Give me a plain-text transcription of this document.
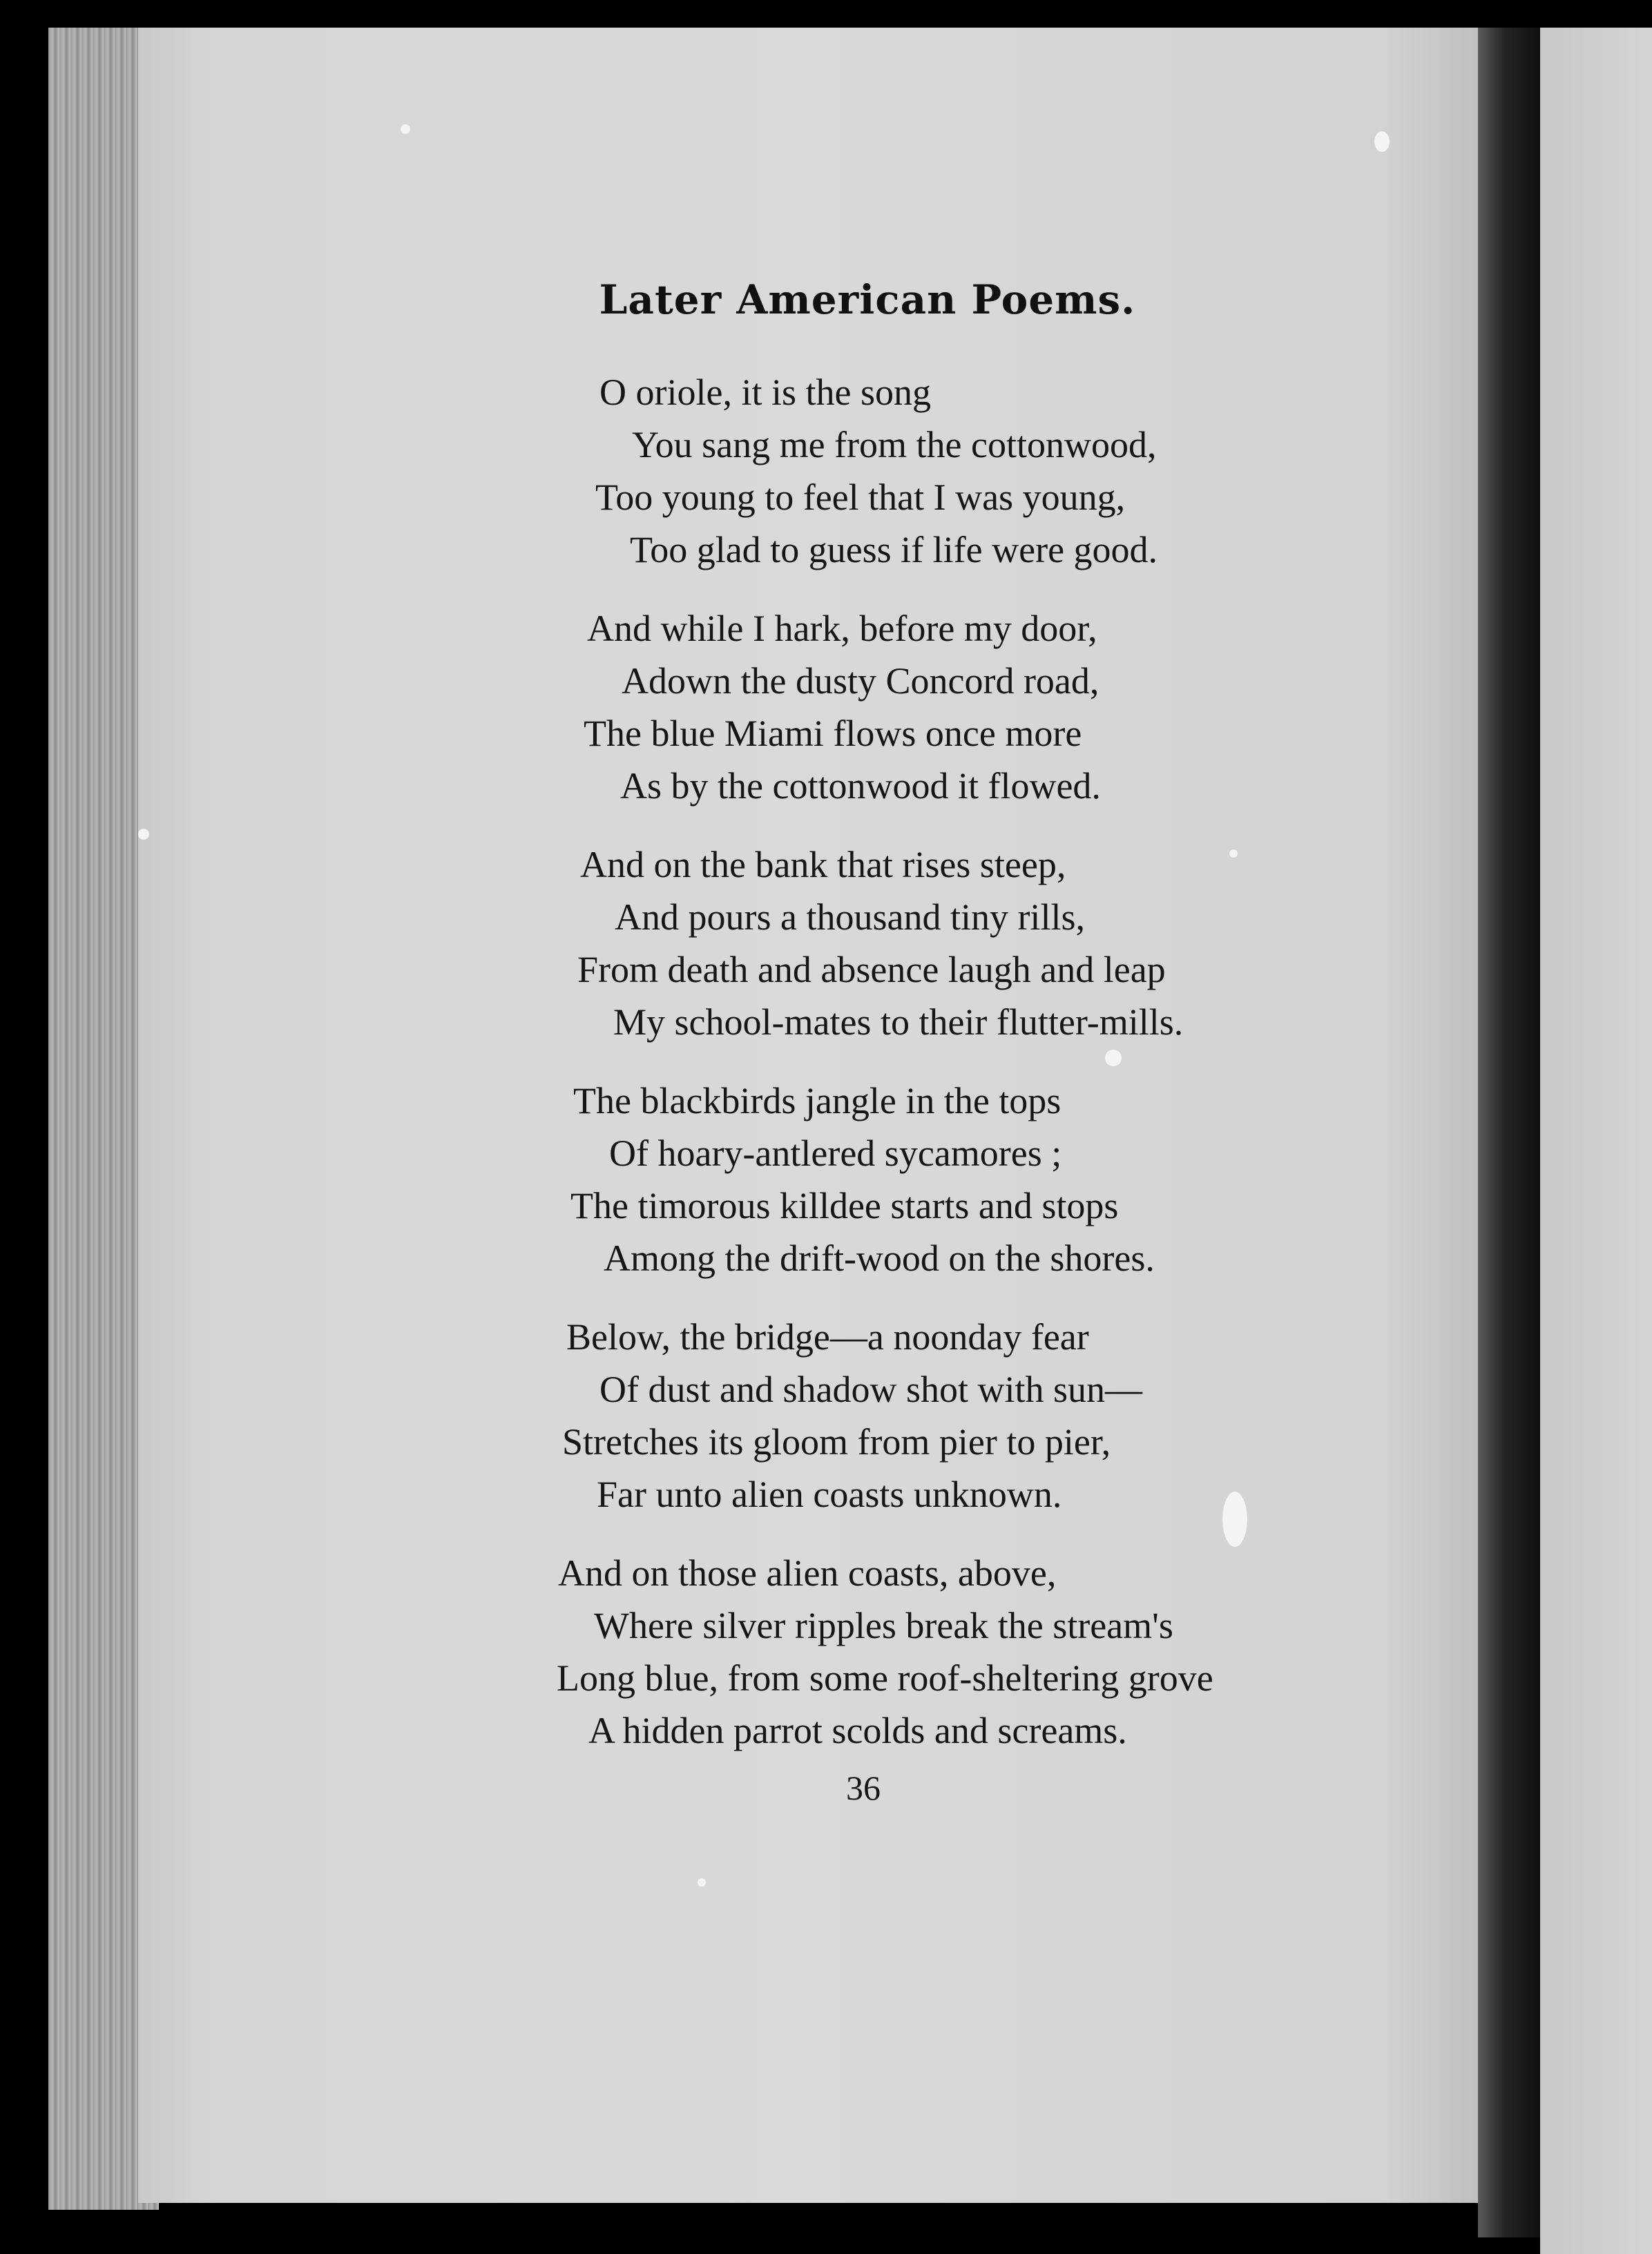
Later American Poems.
O oriole, it is the song
You sang me from the cottonwood,
Too young to feel that I was young,
Too glad to guess if life were good.
And while I hark, before my door,
Adown the dusty Concord road,
The blue Miami flows once more
As by the cottonwood it flowed.
And on the bank that rises steep,
And pours a thousand tiny rills,
From death and absence laugh and leap
My school-mates to their flutter-mills.
The blackbirds jangle in the tops
Of hoary-antlered sycamores ;
The timorous killdee starts and stops
Among the drift-wood on the shores.
Below, the bridge—a noonday fear
Of dust and shadow shot with sun—
Stretches its gloom from pier to pier,
Far unto alien coasts unknown.
And on those alien coasts, above,
Where silver ripples break the stream's
Long blue, from some roof-sheltering grove
A hidden parrot scolds and screams.
36
